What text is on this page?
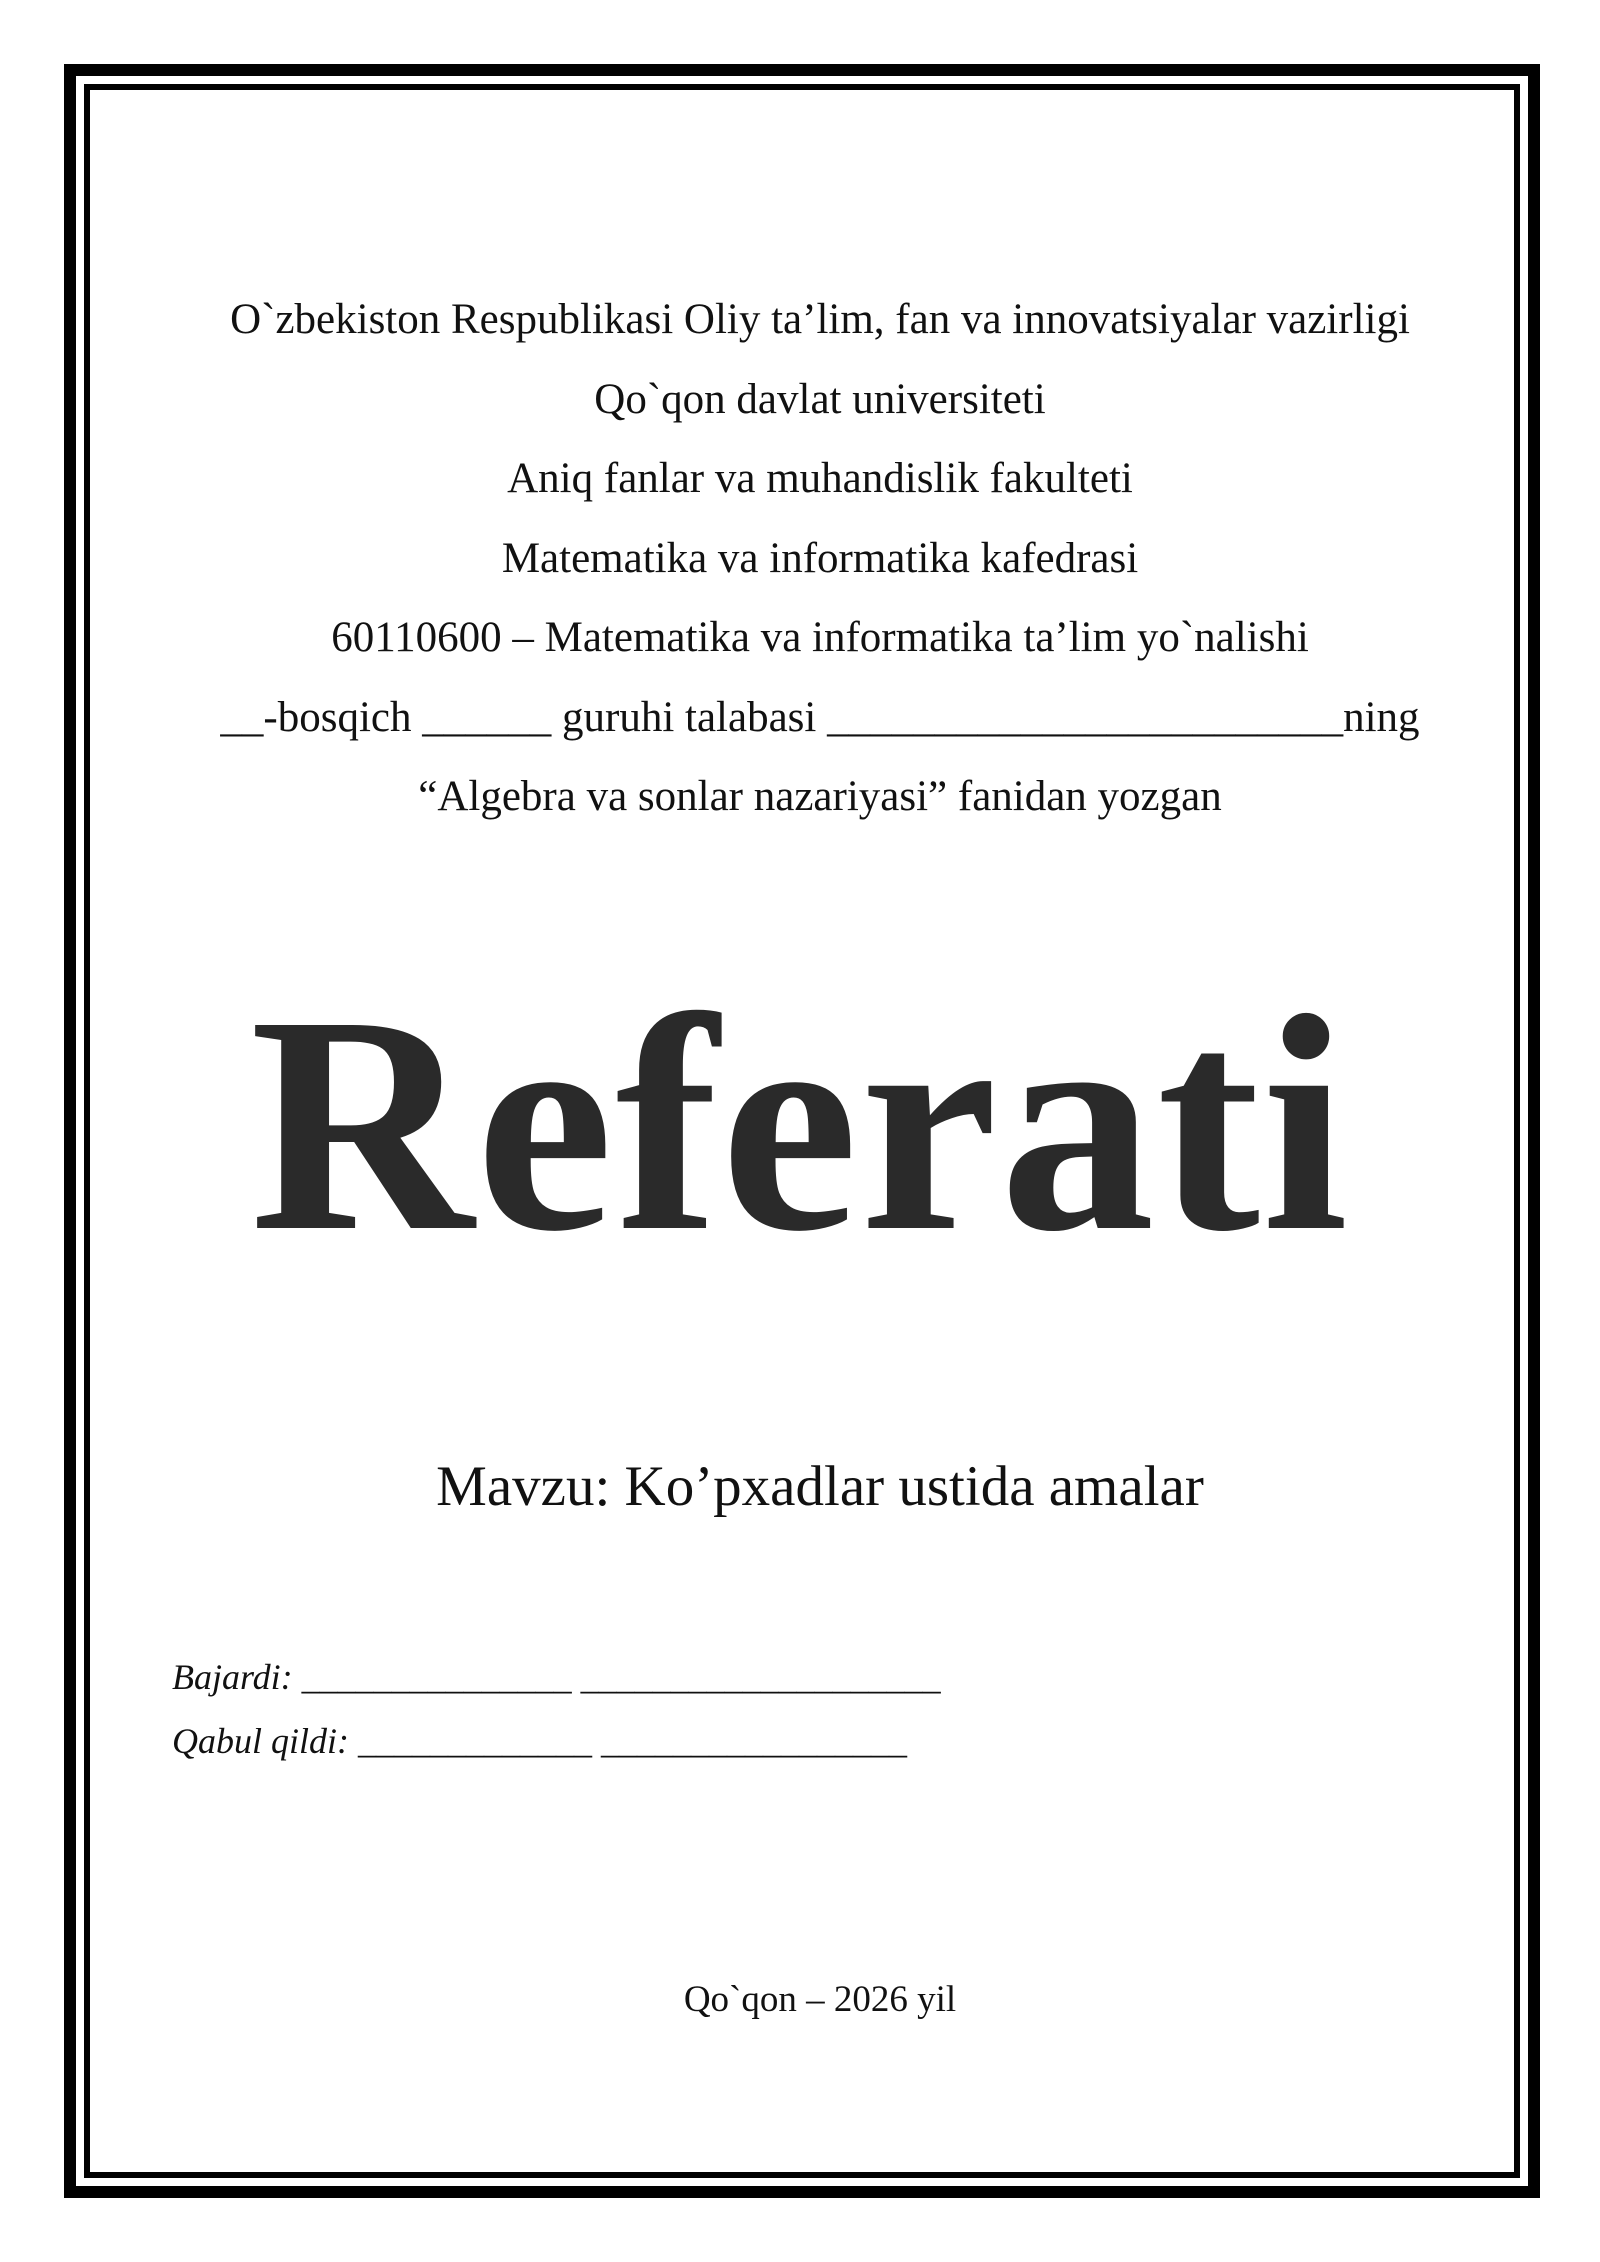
O`zbekiston Respublikasi Oliy ta’lim, fan va innovatsiyalar vazirligi
Qo`qon davlat universiteti
Aniq fanlar va muhandislik fakulteti
Matematika va informatika kafedrasi
60110600 – Matematika va informatika ta’lim yo`nalishi
__-bosqich ______ guruhi talabasi ________________________ning
“Algebra va sonlar nazariyasi” fanidan yozgan
Referati
Mavzu: Ko’pxadlar ustida amalar
Bajardi: _______________ ____________________
Qabul qildi: _____________ _________________
Qo`qon – 2026 yil
